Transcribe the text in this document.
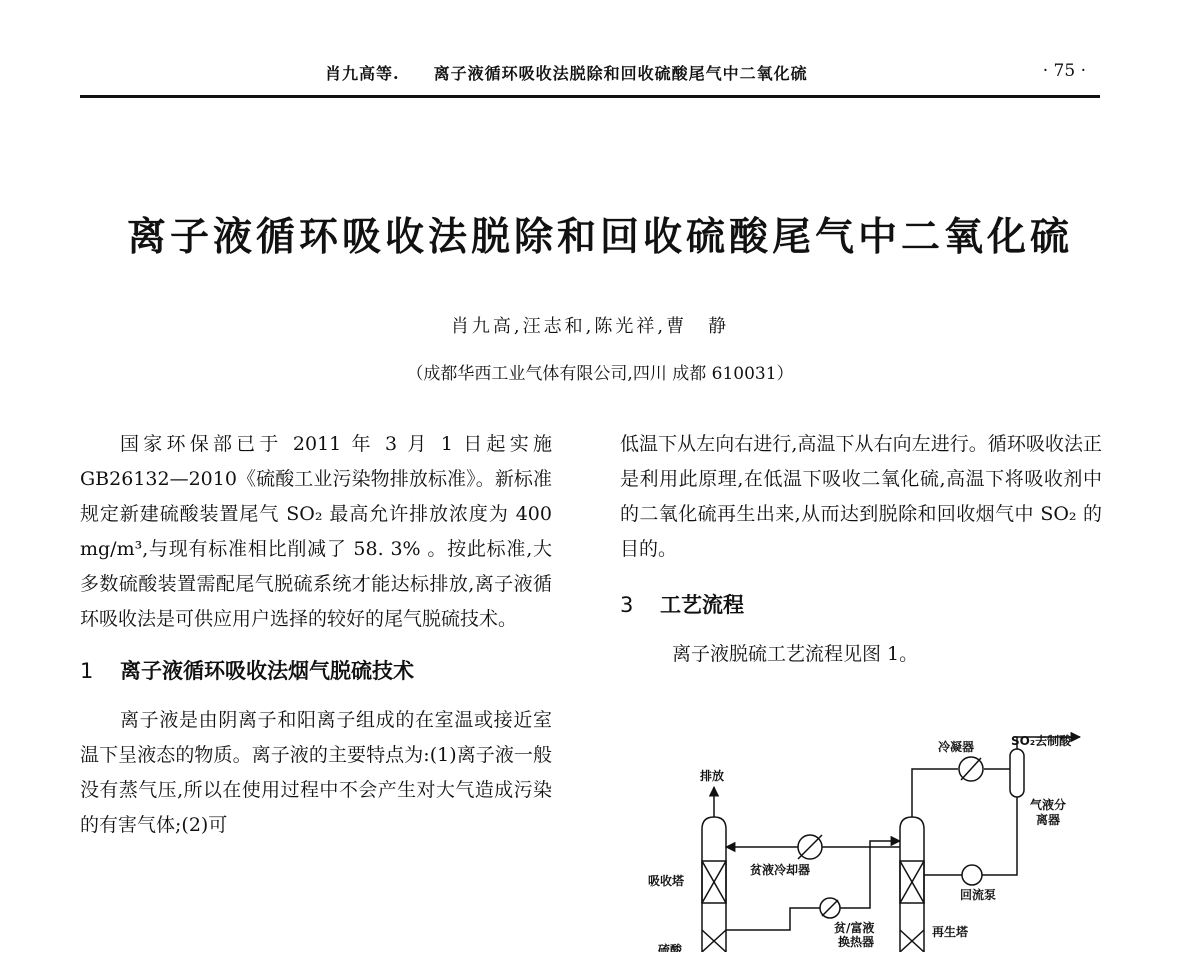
肖九高等. 离子液循环吸收法脱除和回收硫酸尾气中二氧化硫	· 75 ·
离子液循环吸收法脱除和回收硫酸尾气中二氧化硫
肖九高,汪志和,陈光祥,曹　静
（成都华西工业气体有限公司,四川 成都 610031）

国家环保部已于 2011 年 3 月 1 日起实施 GB26132—2010《硫酸工业污染物排放标准》。新标准规定新建硫酸装置尾气 SO₂ 最高允许排放浓度为 400 mg/m³,与现有标准相比削减了 58. 3% 。按此标准,大多数硫酸装置需配尾气脱硫系统才能达标排放,离子液循环吸收法是可供应用户选择的较好的尾气脱硫技术。

1 离子液循环吸收法烟气脱硫技术

离子液是由阴离子和阳离子组成的在室温或接近室温下呈液态的物质。离子液的主要特点为:(1)离子液一般没有蒸气压,所以在使用过程中不会产生对大气造成污染的有害气体;(2)可

低温下从左向右进行,高温下从右向左进行。循环吸收法正是利用此原理,在低温下吸收二氧化硫,高温下将吸收剂中的二氧化硫再生出来,从而达到脱除和回收烟气中 SO₂ 的目的。

3 工艺流程

离子液脱硫工艺流程见图 1。

SO₂去制酸
冷凝器
气液分
离器
排放
贫液冷却器
吸收塔
回流泵
贫/富液
换热器
再生塔
硫酸
